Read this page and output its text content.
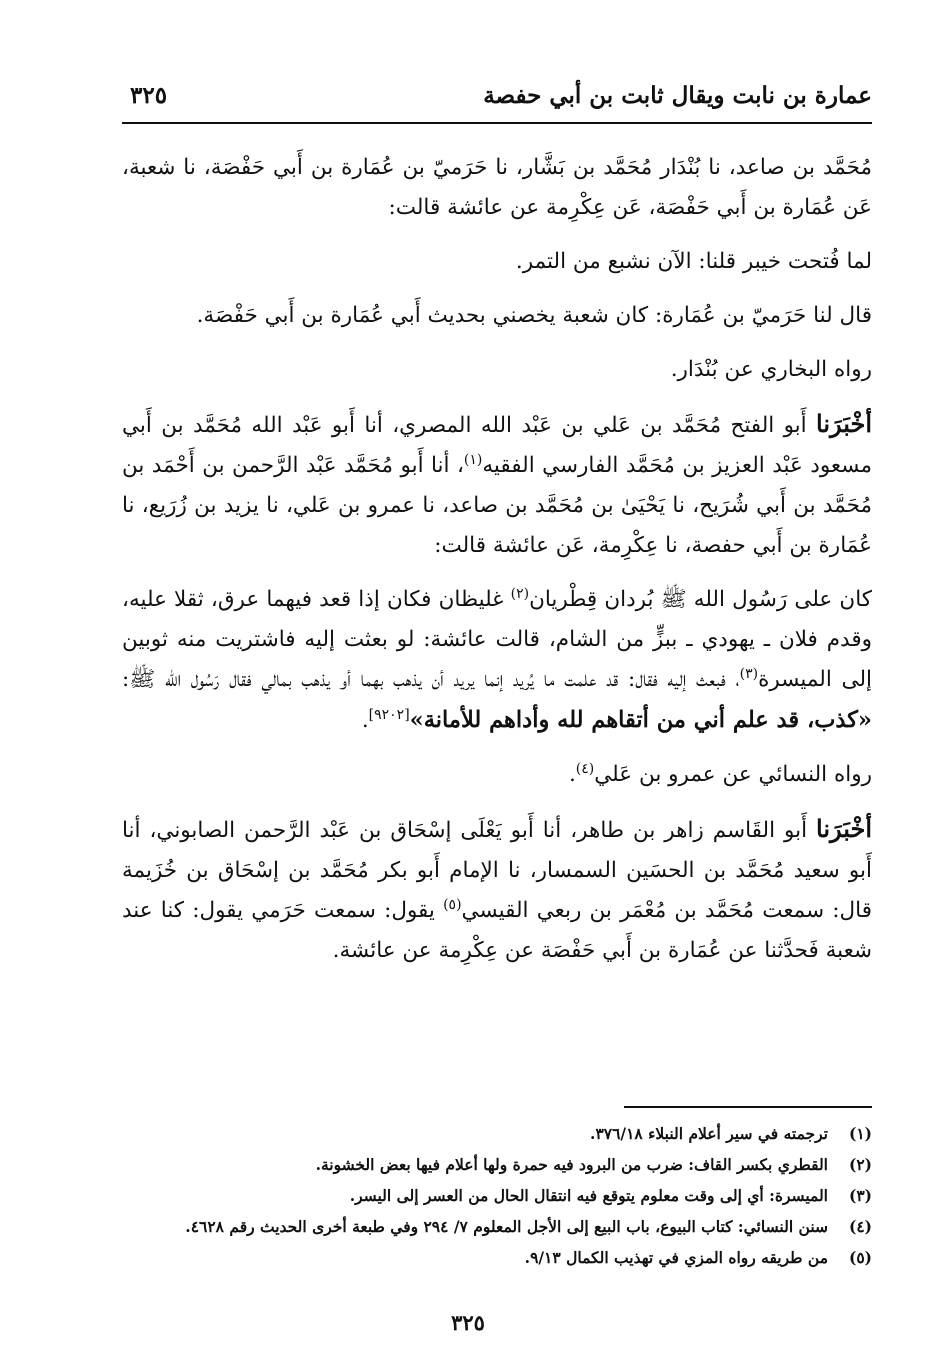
عمارة بن نابت ويقال ثابت بن أبي حفصة
٣٢٥

مُحَمَّد بن صاعد، نا بُنْدَار مُحَمَّد بن بَشَّار، نا حَرَميّ بن عُمَارة بن أَبي حَفْصَة، نا شعبة، عَن عُمَارة بن أَبي حَفْصَة، عَن عِكْرِمة عن عائشة قالت:

لما فُتحت خيبر قلنا: الآن نشبع من التمر.

قال لنا حَرَميّ بن عُمَارة: كان شعبة يخصني بحديث أَبي عُمَارة بن أَبي حَفْصَة.

رواه البخاري عن بُنْدَار.

أخْبَرَنا أَبو الفتح مُحَمَّد بن عَلي بن عَبْد الله المصري، أنا أَبو عَبْد الله مُحَمَّد بن أَبي مسعود عَبْد العزيز بن مُحَمَّد الفارسي الفقيه$^{(١)}$، أنا أَبو مُحَمَّد عَبْد الرَّحمن بن أَحْمَد بن مُحَمَّد بن أَبي شُرَيح، نا يَحْيَىٰ بن مُحَمَّد بن صاعد، نا عمرو بن عَلي، نا يزيد بن زُرَيع، نا عُمَارة بن أَبي حفصة، نا عِكْرِمة، عَن عائشة قالت:

كان على رَسُول الله ﷺ بُردان قِطْريان$^{(٢)}$ غليظان فكان إذا قعد فيهما عرق، ثقلا عليه، وقدم فلان ـ يهودي ـ ببزٍّ من الشام، قالت عائشة: لو بعثت إليه فاشتريت منه ثوبين إلى الميسرة$^{(٣)}$، فبعث إليه فقال: قد علمت ما يُريد إنما يريد أن يذهب بهما أو يذهب بمالي فقال رَسُول الله ﷺ: «كذب، قد علم أني من أتقاهم لله وأداهم للأمانة»[٩٢٠٢].

رواه النسائي عن عمرو بن عَلي$^{(٤)}$.

أخْبَرَنا أَبو القَاسم زاهر بن طاهر، أنا أَبو يَعْلَى إسْحَاق بن عَبْد الرَّحمن الصابوني، أنا أَبو سعيد مُحَمَّد بن الحسَين السمسار، نا الإمام أَبو بكر مُحَمَّد بن إسْحَاق بن خُزَيمة قال: سمعت مُحَمَّد بن مُعْمَر بن ربعي القيسي$^{(٥)}$ يقول: سمعت حَرَمي يقول: كنا عند شعبة فَحدَّثنا عن عُمَارة بن أَبي حَفْصَة عن عِكْرِمة عن عائشة.

(١)
ترجمته في سير أعلام النبلاء ٣٧٦/١٨.
(٢)
القطري بكسر القاف: ضرب من البرود فيه حمرة ولها أعلام فيها بعض الخشونة.
(٣)
الميسرة: أي إلى وقت معلوم يتوقع فيه انتقال الحال من العسر إلى اليسر.
(٤)
سنن النسائي: كتاب البيوع، باب البيع إلى الأجل المعلوم ٧/ ٢٩٤ وفي طبعة أخرى الحديث رقم ٤٦٢٨.
(٥)
من طريقه رواه المزي في تهذيب الكمال ٩/١٣.
٣٢٥
